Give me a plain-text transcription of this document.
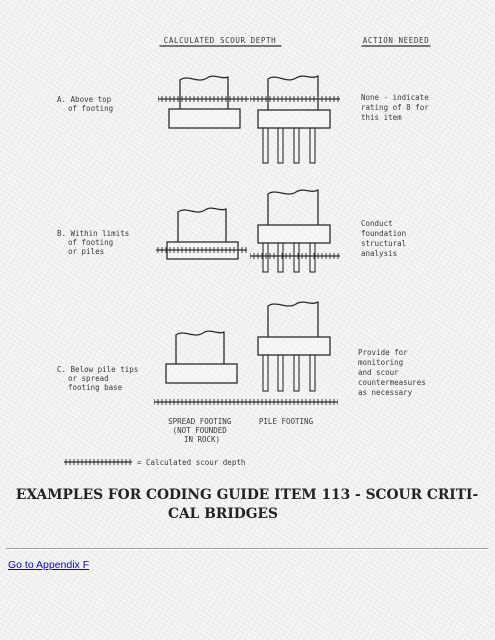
CALCULATED SCOUR DEPTH	ACTION NEEDED
A. Above top of footing
None - indicate rating of 8 for this item
B. Within limits of footing or piles
Conduct foundation structural analysis
C. Below pile tips or spread footing base
Provide for monitoring and scour countermeasures as necessary
SPREAD FOOTING (NOT FOUNDED IN ROCK)
PILE FOOTING
= Calculated scour depth
EXAMPLES FOR CODING GUIDE ITEM 113 - SCOUR CRITI-
CAL BRIDGES
Go to Appendix F
